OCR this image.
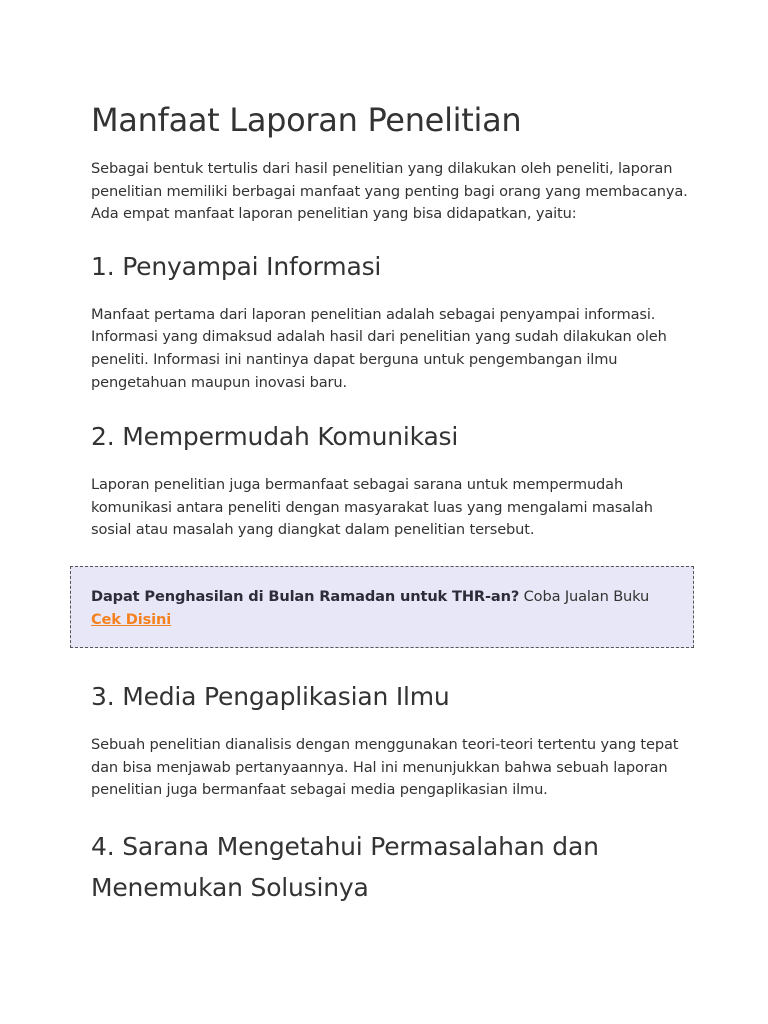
Manfaat Laporan Penelitian

Sebagai bentuk tertulis dari hasil penelitian yang dilakukan oleh peneliti, laporan penelitian memiliki berbagai manfaat yang penting bagi orang yang membacanya. Ada empat manfaat laporan penelitian yang bisa didapatkan, yaitu:

1. Penyampai Informasi

Manfaat pertama dari laporan penelitian adalah sebagai penyampai informasi. Informasi yang dimaksud adalah hasil dari penelitian yang sudah dilakukan oleh peneliti. Informasi ini nantinya dapat berguna untuk pengembangan ilmu pengetahuan maupun inovasi baru.

2. Mempermudah Komunikasi

Laporan penelitian juga bermanfaat sebagai sarana untuk mempermudah komunikasi antara peneliti dengan masyarakat luas yang mengalami masalah sosial atau masalah yang diangkat dalam penelitian tersebut.

Dapat Penghasilan di Bulan Ramadan untuk THR-an? Coba Jualan Buku Cek Disini
3. Media Pengaplikasian Ilmu

Sebuah penelitian dianalisis dengan menggunakan teori-teori tertentu yang tepat dan bisa menjawab pertanyaannya. Hal ini menunjukkan bahwa sebuah laporan penelitian juga bermanfaat sebagai media pengaplikasian ilmu.

4. Sarana Mengetahui Permasalahan dan Menemukan Solusinya
